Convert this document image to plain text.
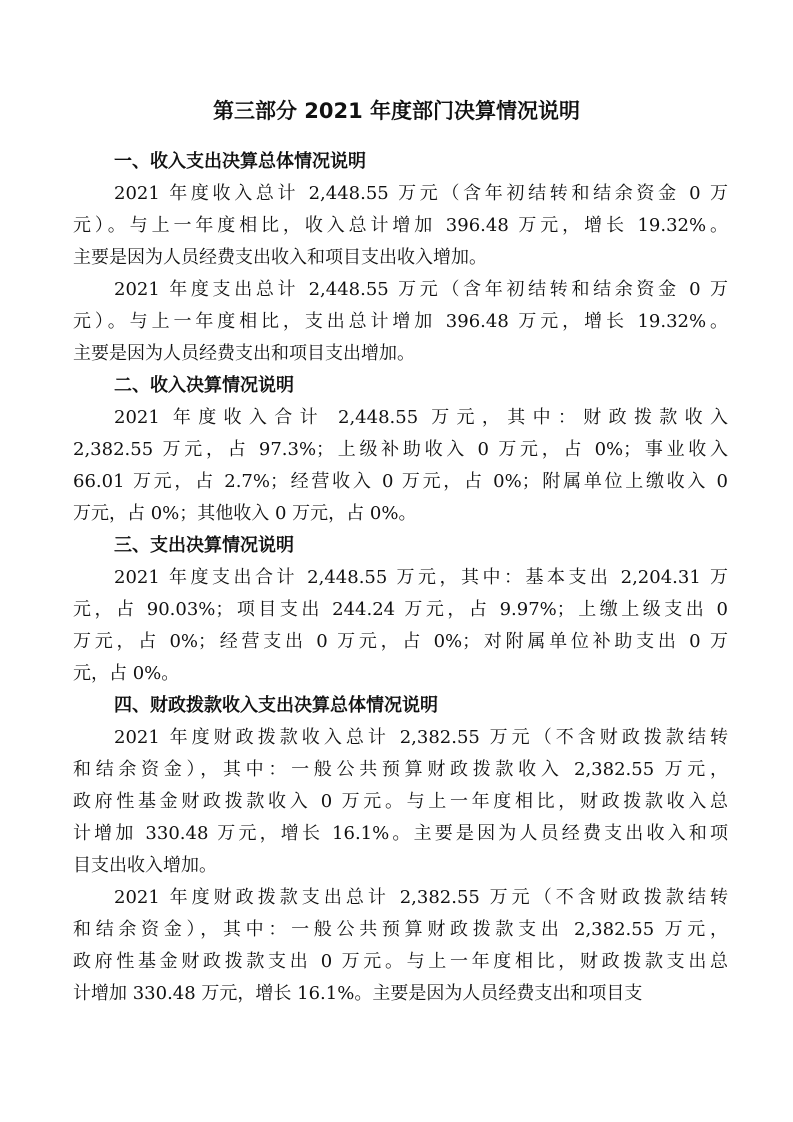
第三部分 2021 年度部门决算情况说明
一、收入支出决算总体情况说明

2021 年度收入总计 2,448.55 万元（含年初结转和结余资金 0 万
元）。与上一年度相比，收入总计增加 396.48 万元，增长 19.32%。
主要是因为人员经费支出收入和项目支出收入增加。

2021 年度支出总计 2,448.55 万元（含年初结转和结余资金 0 万
元）。与上一年度相比，支出总计增加 396.48 万元，增长 19.32%。
主要是因为人员经费支出和项目支出增加。

二、收入决算情况说明

2021 年度收入合计 2,448.55 万元，其中：财政拨款收入
2,382.55 万元，占 97.3%；上级补助收入 0 万元，占 0%；事业收入
66.01 万元，占 2.7%；经营收入 0 万元，占 0%；附属单位上缴收入 0
万元，占 0%；其他收入 0 万元，占 0%。

三、支出决算情况说明

2021 年度支出合计 2,448.55 万元，其中：基本支出 2,204.31 万
元，占 90.03%；项目支出 244.24 万元，占 9.97%；上缴上级支出 0
万元，占 0%；经营支出 0 万元，占 0%；对附属单位补助支出 0 万
元，占 0%。

四、财政拨款收入支出决算总体情况说明

2021 年度财政拨款收入总计 2,382.55 万元（不含财政拨款结转
和结余资金），其中：一般公共预算财政拨款收入 2,382.55 万元，
政府性基金财政拨款收入 0 万元。与上一年度相比，财政拨款收入总
计增加 330.48 万元，增长 16.1%。主要是因为人员经费支出收入和项
目支出收入增加。

2021 年度财政拨款支出总计 2,382.55 万元（不含财政拨款结转
和结余资金），其中：一般公共预算财政拨款支出 2,382.55 万元，
政府性基金财政拨款支出 0 万元。与上一年度相比，财政拨款支出总
计增加 330.48 万元，增长 16.1%。主要是因为人员经费支出和项目支
